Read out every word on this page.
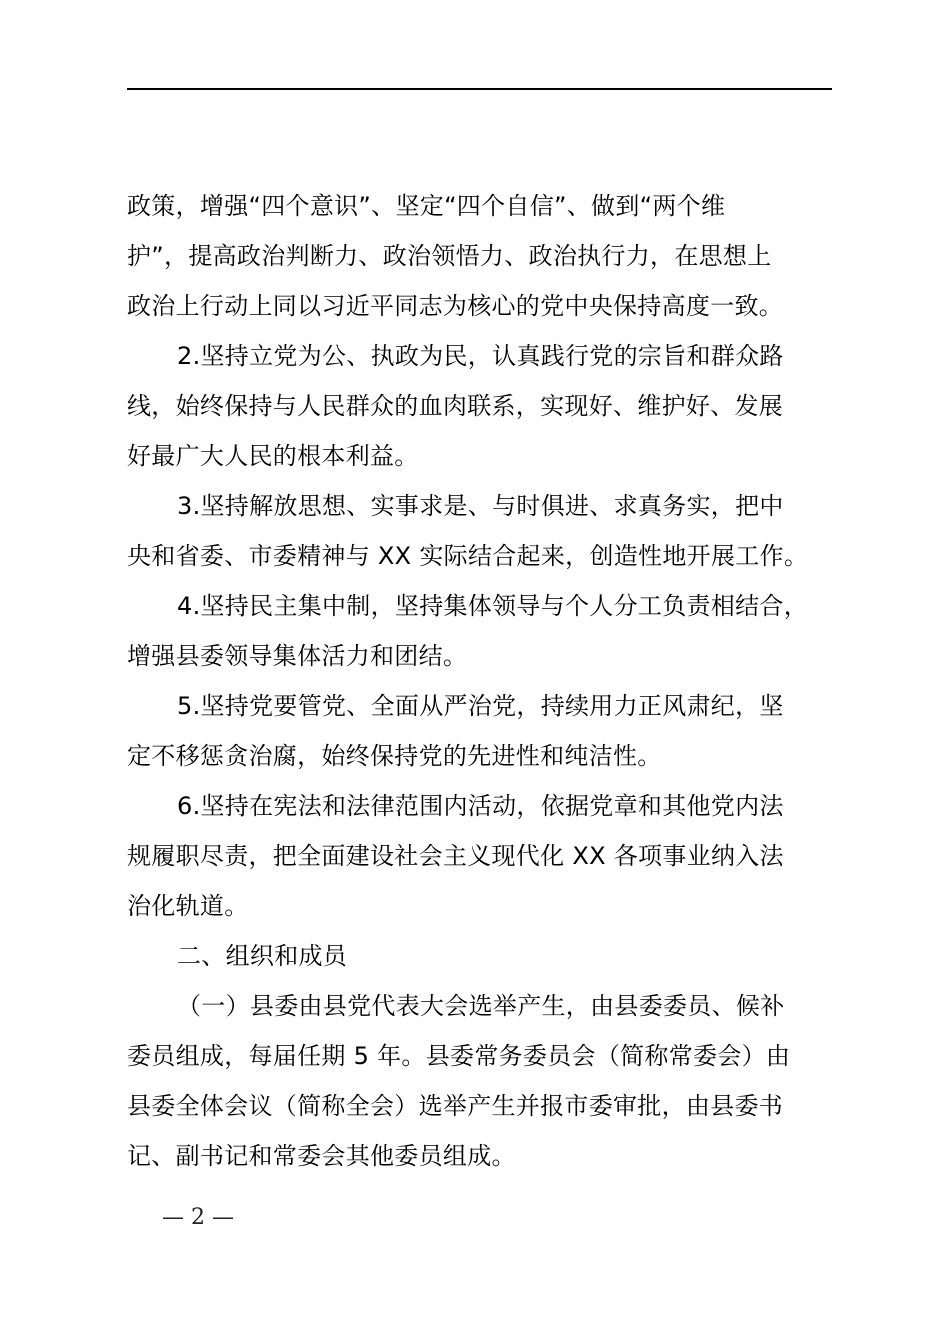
政策，增强“四个意识”、坚定“四个自信”、做到“两个维
护”，提高政治判断力、政治领悟力、政治执行力，在思想上
政治上行动上同以习近平同志为核心的党中央保持高度一致。
2.坚持立党为公、执政为民，认真践行党的宗旨和群众路
线，始终保持与人民群众的血肉联系，实现好、维护好、发展
好最广大人民的根本利益。
3.坚持解放思想、实事求是、与时俱进、求真务实，把中
央和省委、市委精神与 XX 实际结合起来，创造性地开展工作。
4.坚持民主集中制，坚持集体领导与个人分工负责相结合，
增强县委领导集体活力和团结。
5.坚持党要管党、全面从严治党，持续用力正风肃纪，坚
定不移惩贪治腐，始终保持党的先进性和纯洁性。
6.坚持在宪法和法律范围内活动，依据党章和其他党内法
规履职尽责，把全面建设社会主义现代化 XX 各项事业纳入法
治化轨道。
二、组织和成员
（一）县委由县党代表大会选举产生，由县委委员、候补
委员组成，每届任期 5 年。县委常务委员会（简称常委会）由
县委全体会议（简称全会）选举产生并报市委审批，由县委书
记、副书记和常委会其他委员组成。
— 2 —
